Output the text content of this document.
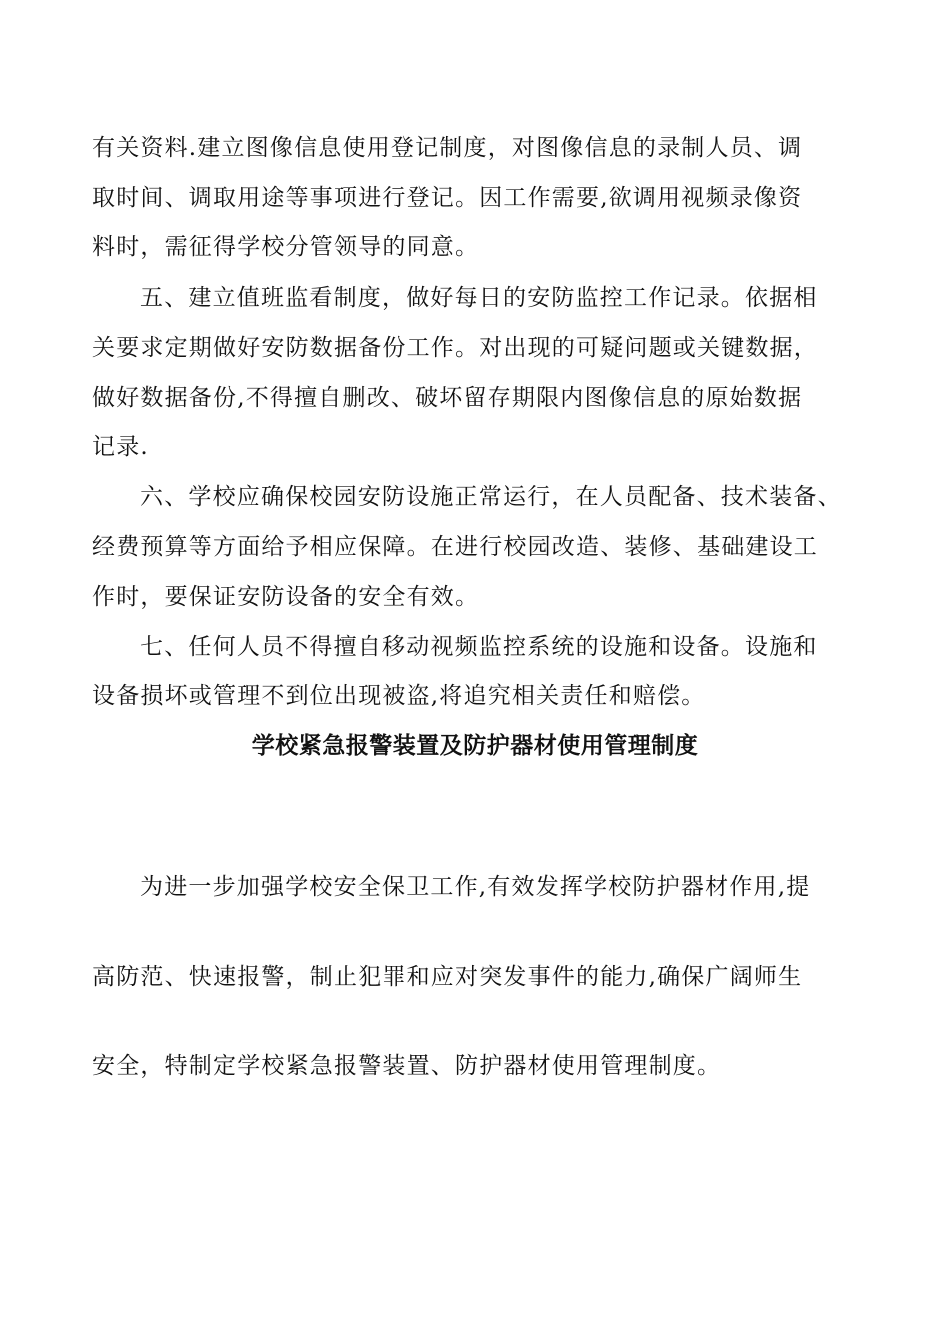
有关资料.建立图像信息使用登记制度，对图像信息的录制人员、调
取时间、调取用途等事项进行登记。因工作需要,欲调用视频录像资
料时，需征得学校分管领导的同意。
五、建立值班监看制度，做好每日的安防监控工作记录。依据相
关要求定期做好安防数据备份工作。对出现的可疑问题或关键数据，
做好数据备份,不得擅自删改、破坏留存期限内图像信息的原始数据
记录.
六、学校应确保校园安防设施正常运行，在人员配备、技术装备、
经费预算等方面给予相应保障。在进行校园改造、装修、基础建设工
作时，要保证安防设备的安全有效。
七、任何人员不得擅自移动视频监控系统的设施和设备。设施和
设备损坏或管理不到位出现被盗,将追究相关责任和赔偿。
学校紧急报警装置及防护器材使用管理制度
为进一步加强学校安全保卫工作,有效发挥学校防护器材作用,提
高防范、快速报警，制止犯罪和应对突发事件的能力,确保广阔师生
安全，特制定学校紧急报警装置、防护器材使用管理制度。
